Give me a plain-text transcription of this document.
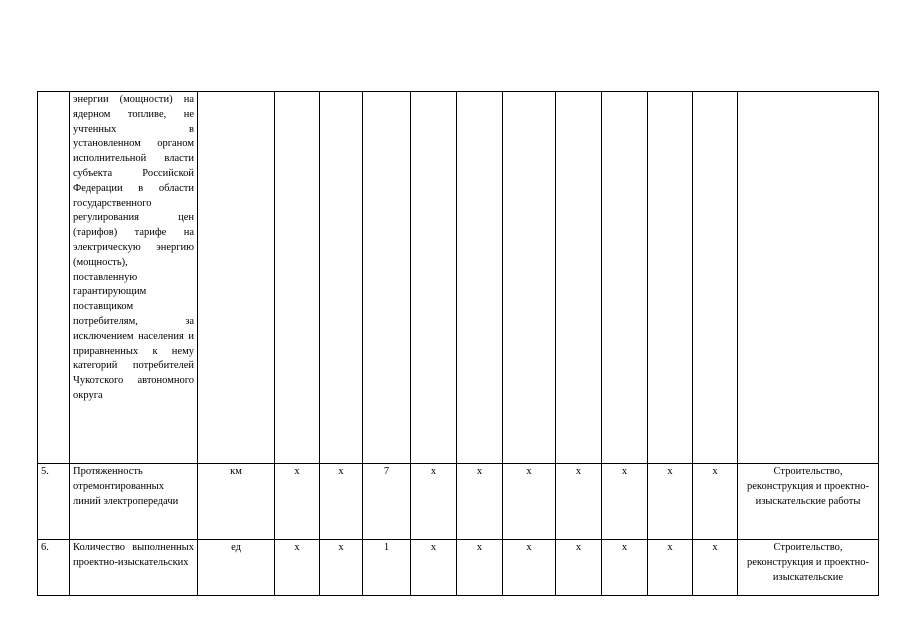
	энергии (мощности) на ядерном топливе, не учтенных в установленном органом исполнительной власти субъекта Российской Федерации в области государственного регулирования цен (тарифов) тарифе на электрическую энергию (мощность), поставленную гарантирующим поставщиком потребителям, за исключением населения и приравненных к нему категорий потребителей Чукотского автономного округа												
5.	Протяженность отремонтированных линий электропередачи	км	х	х	7	х	х	х	х	х	х	х	Строительство, реконструкция и проектно-изыскательские работы
6.	Количество выполненных проектно-изыскательских	ед	х	х	1	х	х	х	х	х	х	х	Строительство, реконструкция и проектно-изыскательские
